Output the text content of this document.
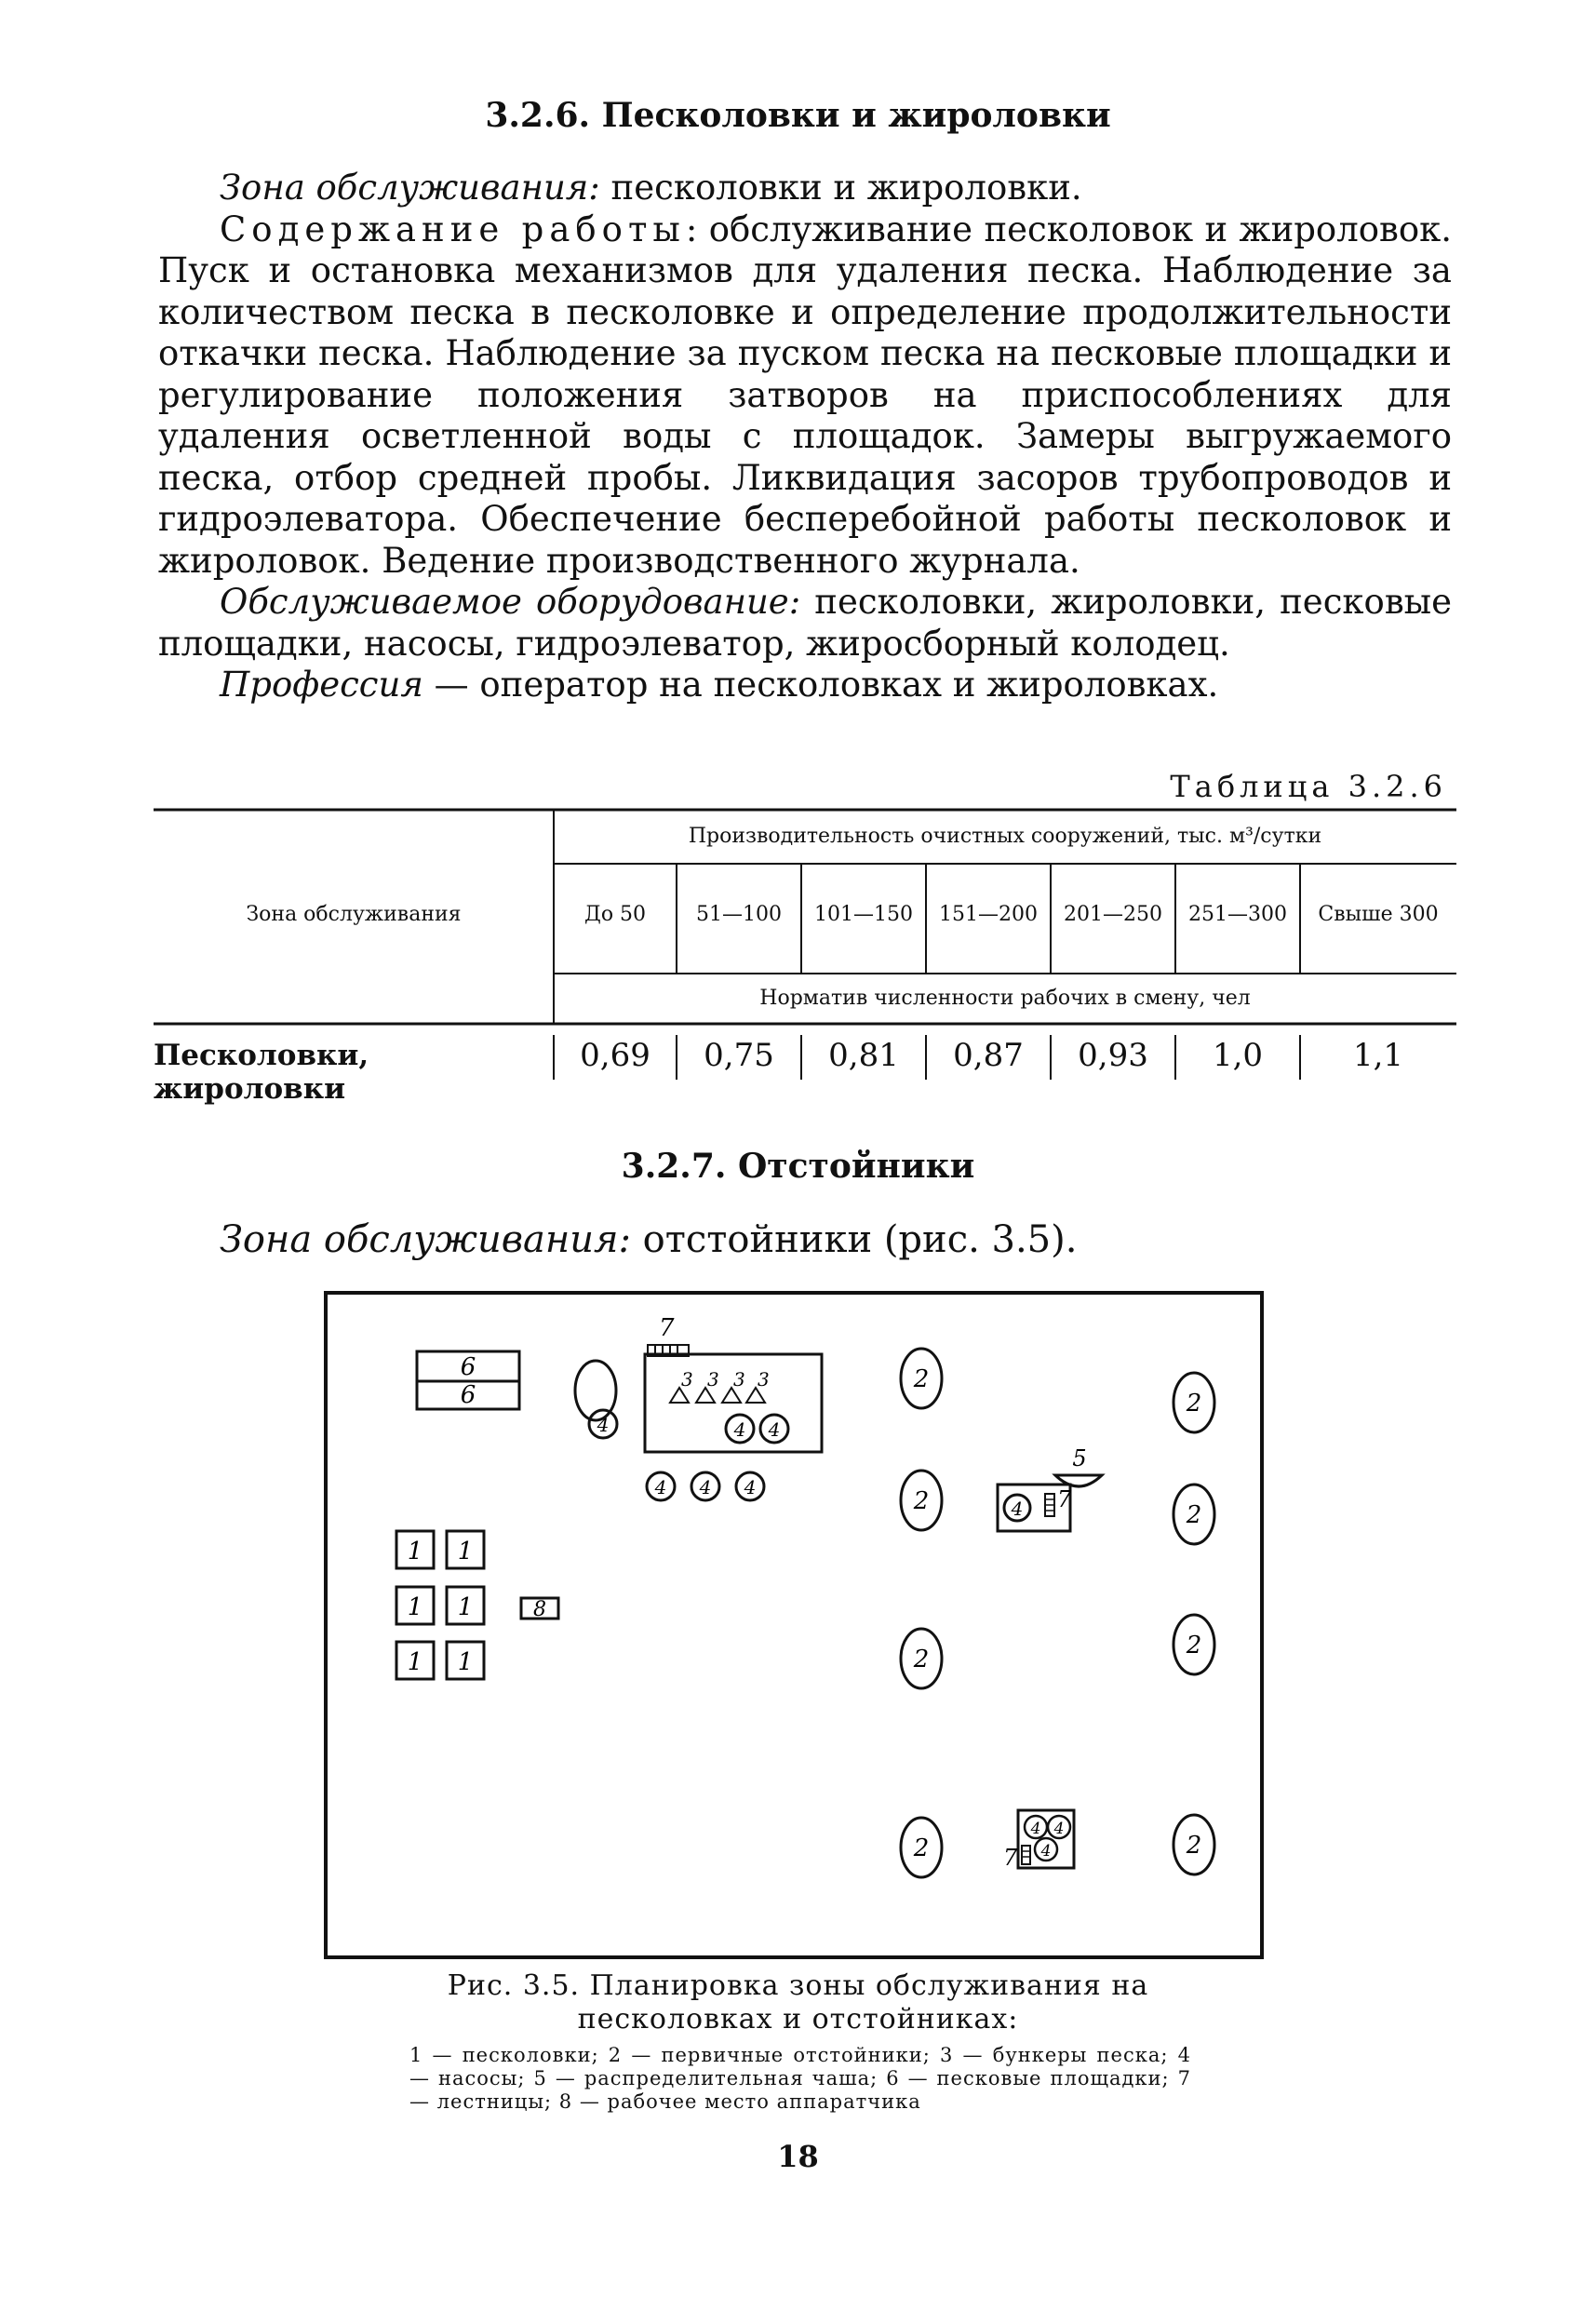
3.2.6. Песколовки и жироловки
Зона обслуживания: песколовки и жироловки.
Содержание работы: обслуживание песколовок и жироловок. Пуск и остановка механизмов для удаления песка. Наблюдение за количеством песка в песколовке и определение продолжительности откачки песка. Наблюдение за пуском песка на песковые площадки и регулирование положения затворов на приспособлениях для удаления осветленной воды с площадок. Замеры выгружаемого песка, отбор средней пробы. Ликвидация засоров трубопроводов и гидроэлеватора. Обеспечение бесперебойной работы песколовок и жироловок. Ведение производственного журнала.
Обслуживаемое оборудование: песколовки, жироловки, песковые площадки, насосы, гидроэлеватор, жиросборный колодец.
Профессия — оператор на песколовках и жироловках.
Таблица 3.2.6
Зона обслуживания
Производительность очистных сооружений, тыс. м³/сутки
До 50	51—100	101—150	151—200	201—250	251—300	Свыше 300
Норматив численности рабочих в смену, чел
Песколовки, жироловки
0,69	0,75	0,81	0,87	0,93	1,0	1,1
3.2.7. Отстойники
Зона обслуживания: отстойники (рис. 3.5).
6
6
7
3 3 3 3
4 4
4
4 4 4
1 1
1 1
1 1
8
2
2
2
2
2
2
2
2
4 7
5
4 4
4
7
Рис. 3.5. Планировка зоны обслуживания на
песколовках и отстойниках:
1 — песколовки; 2 — первичные отстойники; 3 — бункеры песка; 4 — насосы; 5 — распределительная чаша; 6 — песковые площадки; 7 — лестницы; 8 — рабочее место аппаратчика
18
